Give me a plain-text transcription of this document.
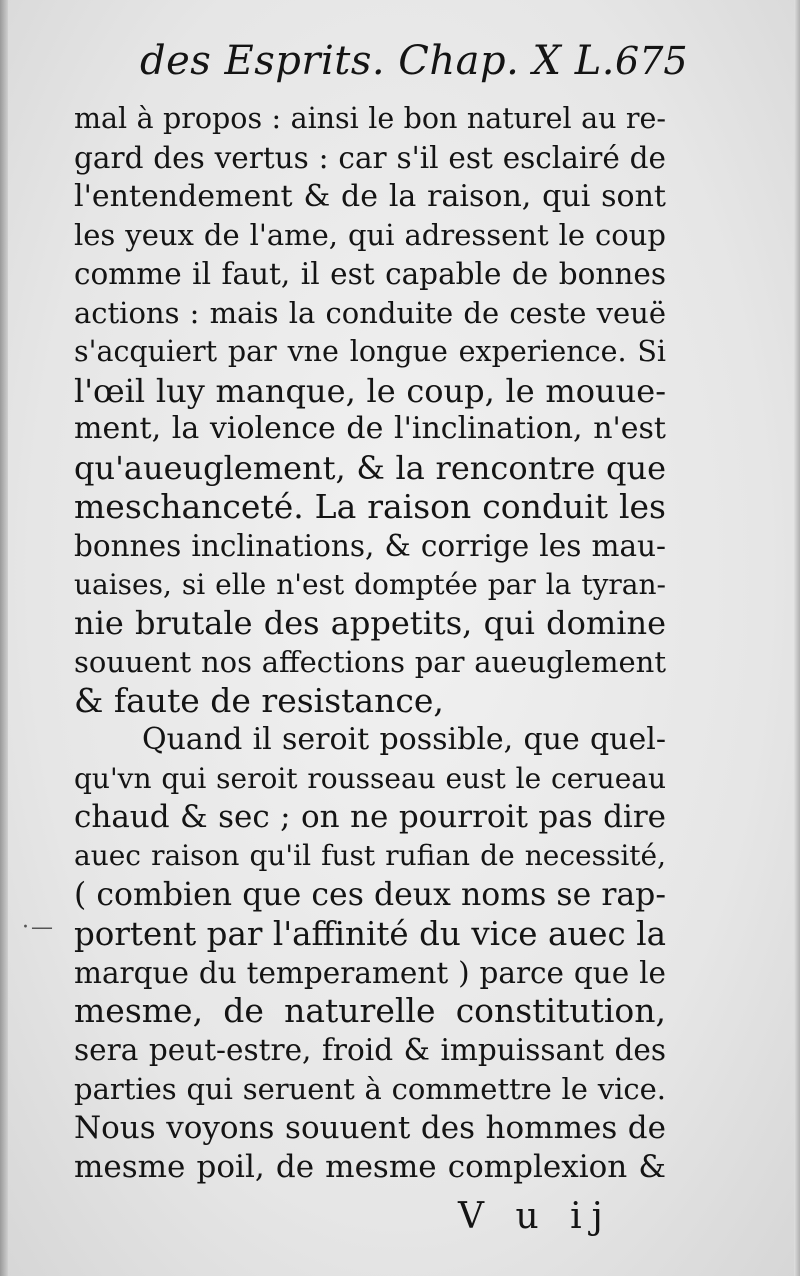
des Esprits. Chap. X L. 675
mal à propos : ainsi le bon naturel au re-
gard des vertus : car s'il est esclairé de
l'entendement & de la raison, qui sont
les yeux de l'ame, qui adressent le coup
comme il faut, il est capable de bonnes
actions : mais la conduite de ceste veuë
s'acquiert par vne longue experience. Si
l'œil luy manque, le coup, le mouue-
ment, la violence de l'inclination, n'est
qu'aueuglement, & la rencontre que
meschanceté. La raison conduit les
bonnes inclinations, & corrige les mau-
uaises, si elle n'est domptée par la tyran-
nie brutale des appetits, qui domine
souuent nos affections par aueuglement
& faute de resistance,
Quand il seroit possible, que quel-
qu'vn qui seroit rousseau eust le cerueau
chaud & sec ; on ne pourroit pas dire
auec raison qu'il fust rufian de necessité,
( combien que ces deux noms se rap-
portent par l'affinité du vice auec la
marque du temperament ) parce que le
mesme, de naturelle constitution,
sera peut-estre, froid & impuissant des
parties qui seruent à commettre le vice.
Nous voyons souuent des hommes de
mesme poil, de mesme complexion &
V u ij
·—
